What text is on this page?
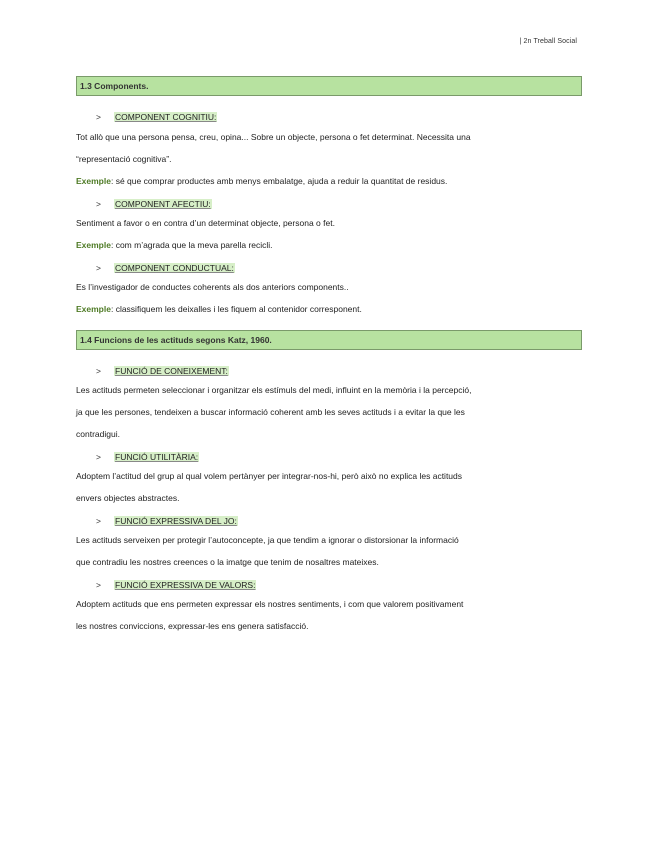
| 2n Treball Social
1.3 Components.
> COMPONENT COGNITIU:
Tot allò que una persona pensa, creu, opina... Sobre un objecte, persona o fet determinat. Necessita una
“representació cognitiva”.
Exemple: sé que comprar productes amb menys embalatge, ajuda a reduir la quantitat de residus.
> COMPONENT AFECTIU:
Sentiment a favor o en contra d’un determinat objecte, persona o fet.
Exemple: com m’agrada que la meva parella recicli.
> COMPONENT CONDUCTUAL:
Es l’investigador de conductes coherents als dos anteriors components..
Exemple: classifiquem les deixalles i les fiquem al contenidor corresponent.
1.4 Funcions de les actituds segons Katz, 1960.
> FUNCIÓ DE CONEIXEMENT:
Les actituds permeten seleccionar i organitzar els estímuls del medi, influint en la memòria i la percepció,
ja que les persones, tendeixen a buscar informació coherent amb les seves actituds i a evitar la que les
contradigui.
> FUNCIÓ UTILITÀRIA:
Adoptem l’actitud del grup al qual volem pertànyer per integrar-nos-hi, però això no explica les actituds
envers objectes abstractes.
> FUNCIÓ EXPRESSIVA DEL JO:
Les actituds serveixen per protegir l’autoconcepte, ja que tendim a ignorar o distorsionar la informació
que contradiu les nostres creences o la imatge que tenim de nosaltres mateixes.
> FUNCIÓ EXPRESSIVA DE VALORS:
Adoptem actituds que ens permeten expressar els nostres sentiments, i com que valorem positivament
les nostres conviccions, expressar-les ens genera satisfacció.
